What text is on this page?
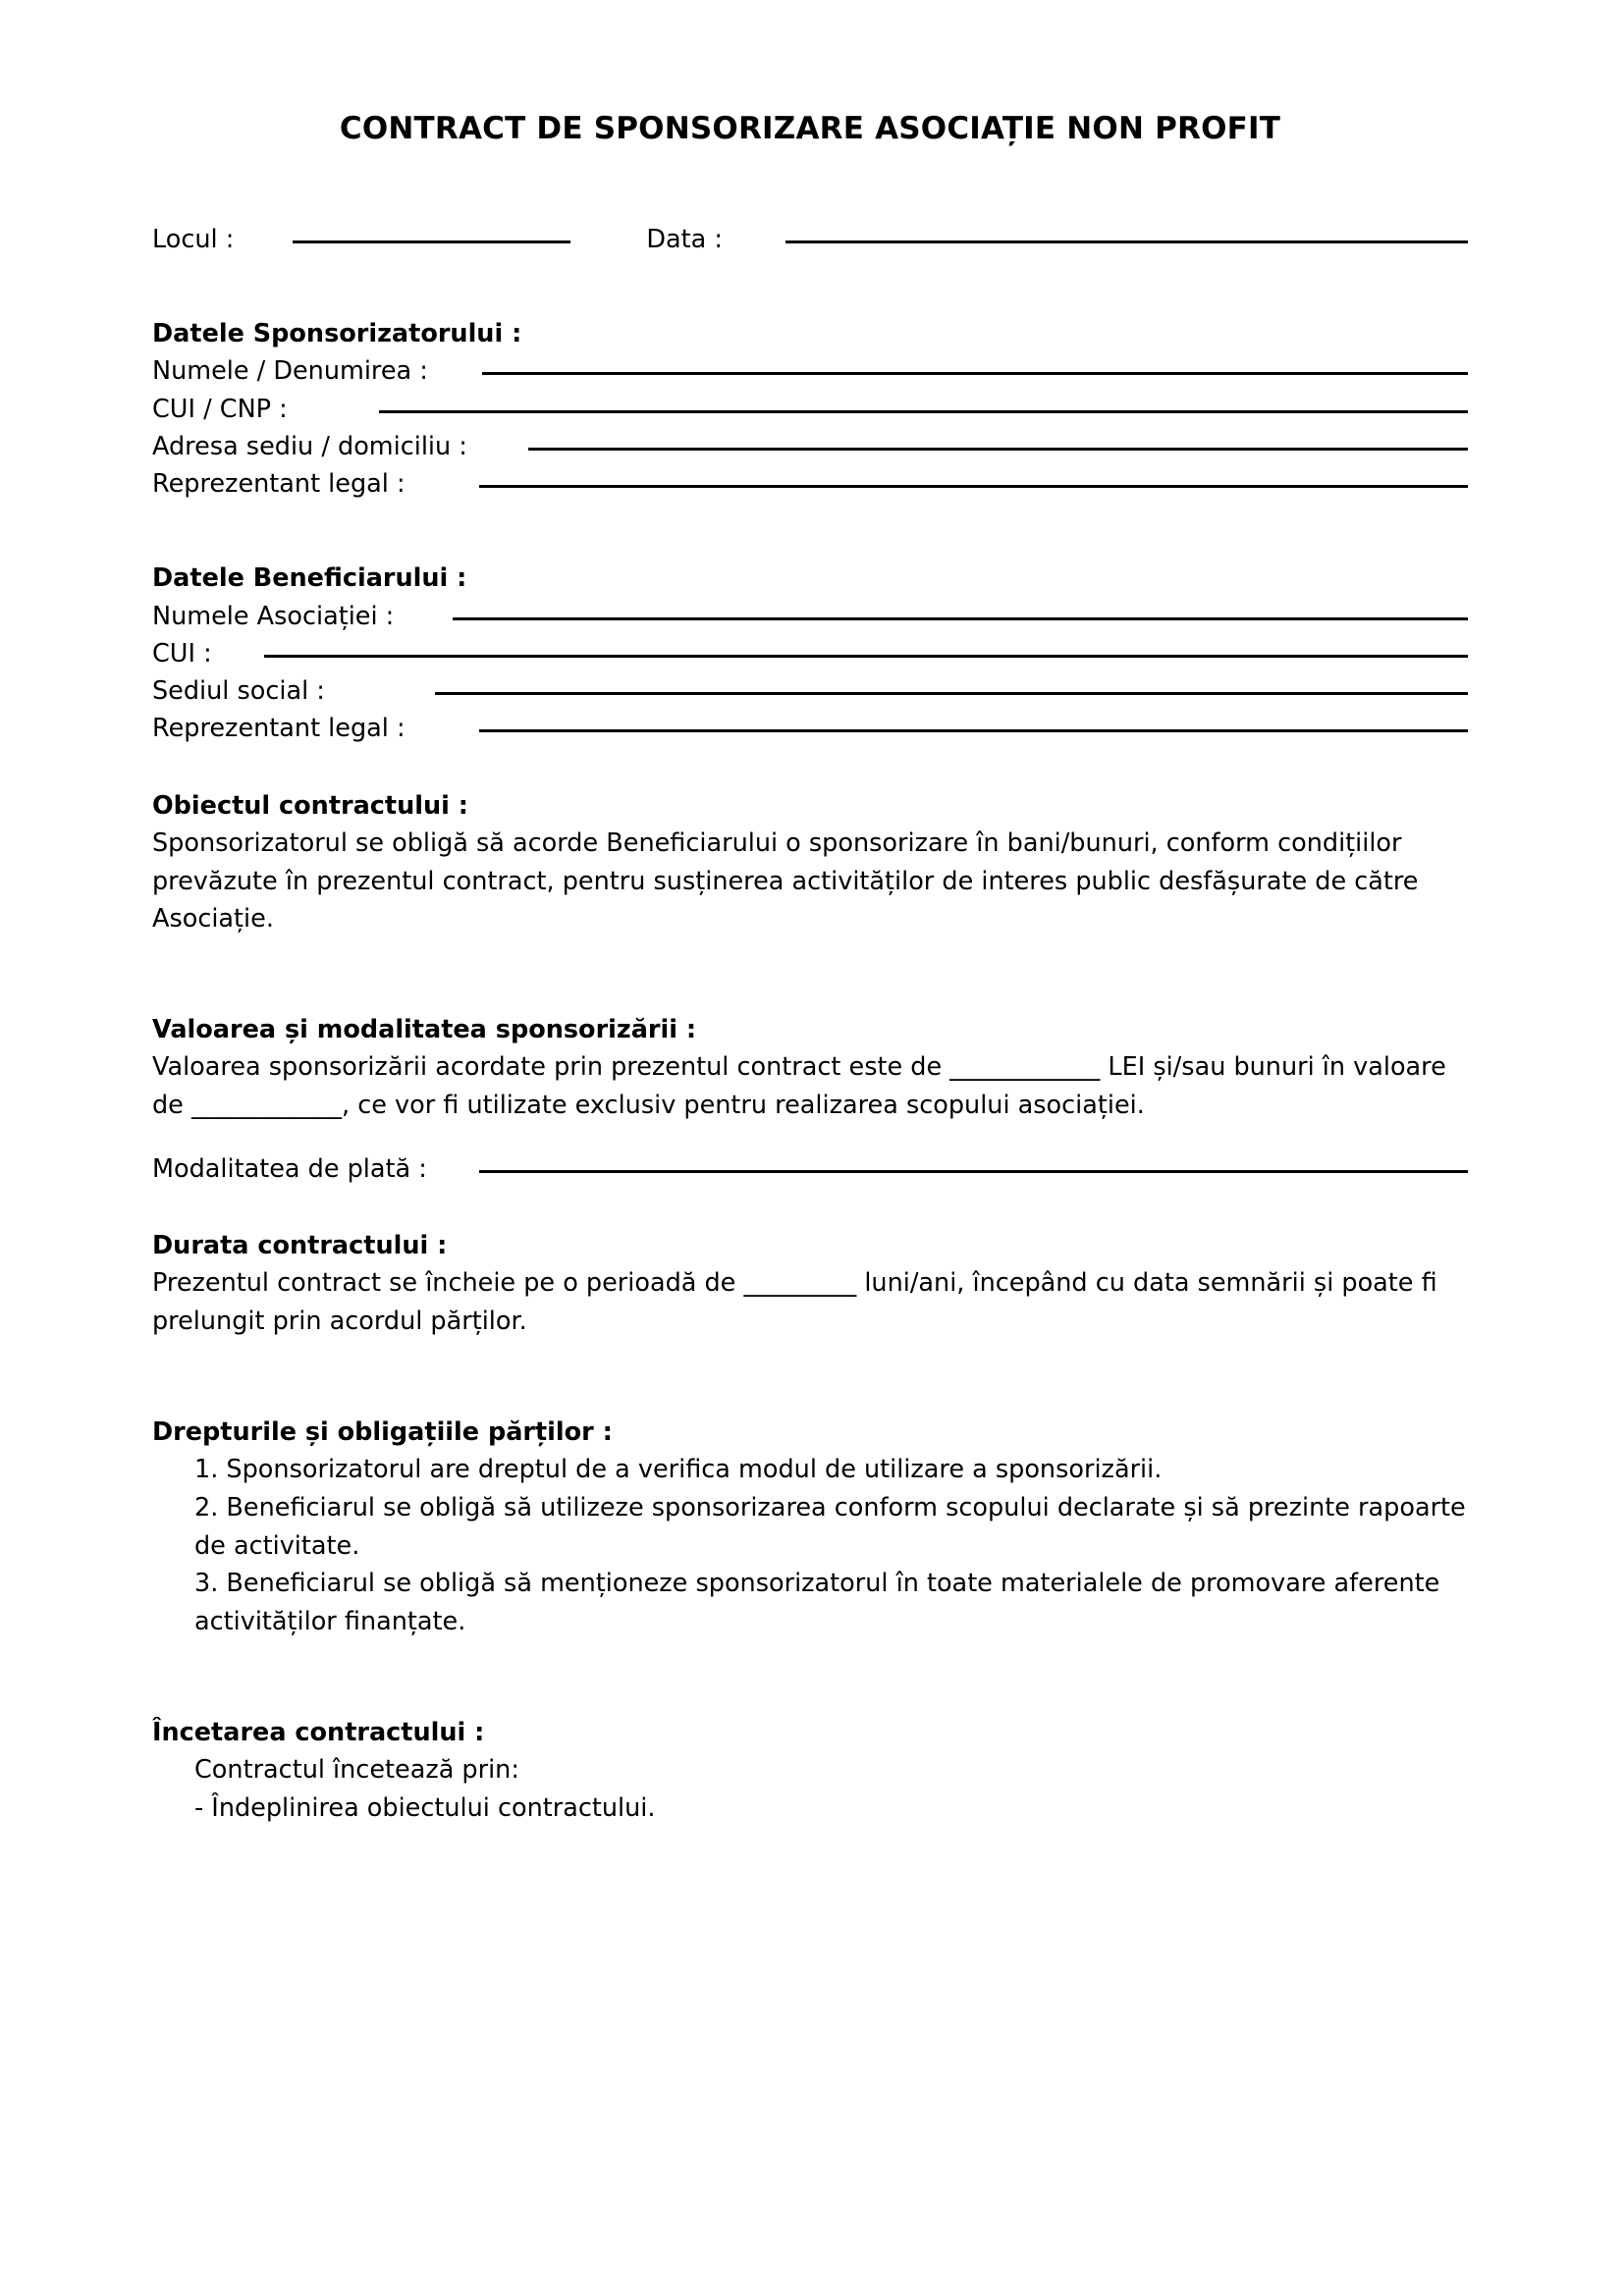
CONTRACT DE SPONSORIZARE ASOCIAȚIE NON PROFIT
Locul :	Data :
Datele Sponsorizatorului :
Numele / Denumirea :
CUI / CNP :
Adresa sediu / domiciliu :
Reprezentant legal :
Datele Beneficiarului :
Numele Asociației :
CUI :
Sediul social :
Reprezentant legal :
Obiectul contractului :
Sponsorizatorul se obligă să acorde Beneficiarului o sponsorizare în bani/bunuri, conform condițiilor prevăzute în prezentul contract, pentru susținerea activităților de interes public desfășurate de către Asociație.
Valoarea și modalitatea sponsorizării :
Valoarea sponsorizării acordate prin prezentul contract este de ____________ LEI și/sau bunuri în valoare de ____________, ce vor fi utilizate exclusiv pentru realizarea scopului asociației.
Modalitatea de plată :
Durata contractului :
Prezentul contract se încheie pe o perioadă de _________ luni/ani, începând cu data semnării și poate fi prelungit prin acordul părților.
Drepturile și obligațiile părților :

1. Sponsorizatorul are dreptul de a verifica modul de utilizare a sponsorizării.

2. Beneficiarul se obligă să utilizeze sponsorizarea conform scopului declarate și să prezinte rapoarte de activitate.

3. Beneficiarul se obligă să menționeze sponsorizatorul în toate materialele de promovare aferente activităților finanțate.

Încetarea contractului :

Contractul încetează prin:

- Îndeplinirea obiectului contractului.
